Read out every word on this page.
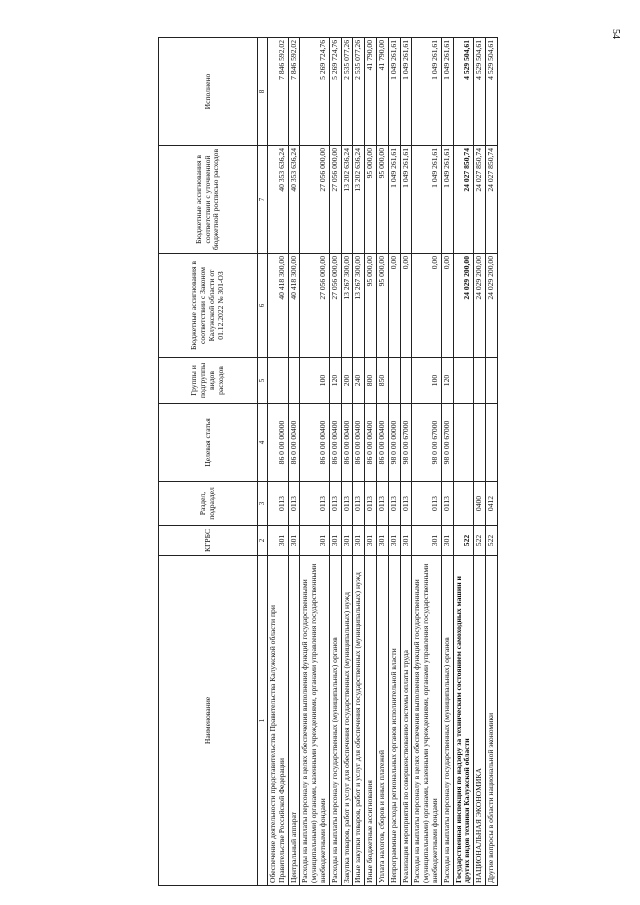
54
Наименование	КГРБС	Раздел, подраздел	Целевая статья	Группы и подгруппы видов расходов	Бюджетные ассигнования в соответствии с Законом Калужской области от 01.12.2022 № 301-ОЗ	Бюджетные ассигнования в соответствии с уточненной бюджетной росписью расходов	Исполнено
1	2	3	4	5	6	7	8
Обеспечение деятельности представительства Правительства Калужской области при Правительстве Российской Федерации	301	0113	86 0 00 00000		40 418 300,00	40 353 636,24	7 846 592,02
Центральный аппарат	301	0113	86 0 00 00400		40 418 300,00	40 353 636,24	7 846 592,02
Расходы на выплаты персоналу в целях обеспечения выполнения функций государственными (муниципальными) органами, казенными учреждениями, органами управления государственными внебюджетными фондами	301	0113	86 0 00 00400	100	27 056 000,00	27 056 000,00	5 269 724,76
Расходы на выплаты персоналу государственных (муниципальных) органов	301	0113	86 0 00 00400	120	27 056 000,00	27 056 000,00	5 269 724,76
Закупка товаров, работ и услуг для обеспечения государственных (муниципальных) нужд	301	0113	86 0 00 00400	200	13 267 300,00	13 202 636,24	2 535 077,26
Иные закупки товаров, работ и услуг для обеспечения государственных (муниципальных) нужд	301	0113	86 0 00 00400	240	13 267 300,00	13 202 636,24	2 535 077,26
Иные бюджетные ассигнования	301	0113	86 0 00 00400	800	95 000,00	95 000,00	41 790,00
Уплата налогов, сборов и иных платежей	301	0113	86 0 00 00400	850	95 000,00	95 000,00	41 790,00
Непрограммные расходы региональных органов исполнительной власти	301	0113	98 0 00 00000		0,00	1 049 261,61	1 049 261,61
Реализация мероприятий по совершенствованию системы оплаты труда	301	0113	98 0 00 67000		0,00	1 049 261,61	1 049 261,61
Расходы на выплаты персоналу в целях обеспечения выполнения функций государственными (муниципальными) органами, казенными учреждениями, органами управления государственными внебюджетными фондами	301	0113	98 0 00 67000	100	0,00	1 049 261,61	1 049 261,61
Расходы на выплаты персоналу государственных (муниципальных) органов	301	0113	98 0 00 67000	120	0,00	1 049 261,61	1 049 261,61
Государственная инспекция по надзору за техническим состоянием самоходных машин и других видов техники Калужской области	522				24 029 200,00	24 027 850,74	4 529 504,61
НАЦИОНАЛЬНАЯ ЭКОНОМИКА	522	0400			24 029 200,00	24 027 850,74	4 529 504,61
Другие вопросы в области национальной экономики	522	0412			24 029 200,00	24 027 850,74	4 529 504,61
